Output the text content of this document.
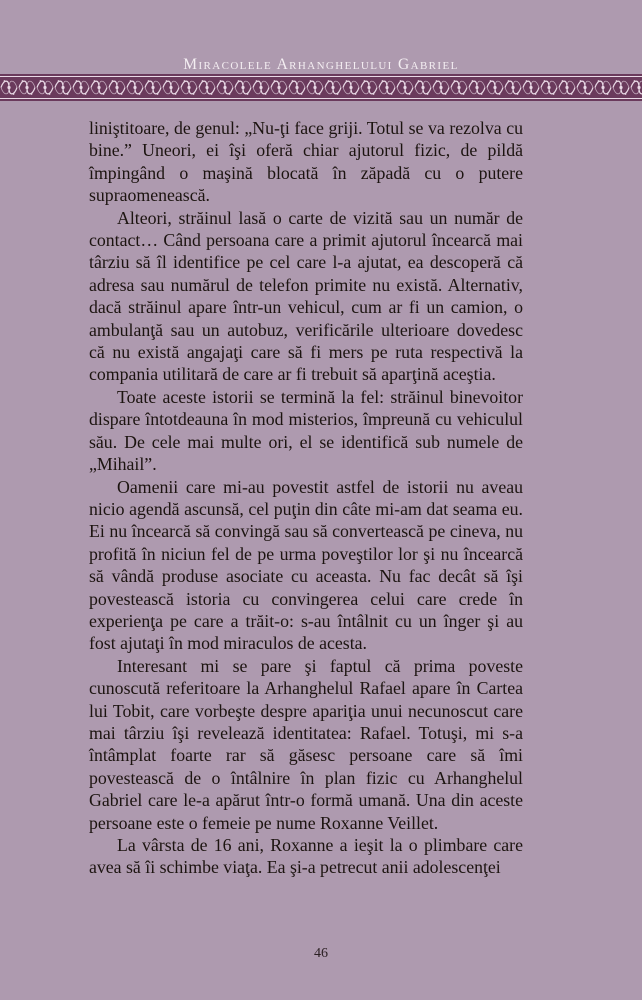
Miracolele Arhanghelului Gabriel

liniştitoare, de genul: „Nu-ţi face griji. Totul se va rezolva cu bine.” Uneori, ei îşi oferă chiar ajutorul fizic, de pildă împingând o maşină blocată în zăpadă cu o putere supraomenească.

Alteori, străinul lasă o carte de vizită sau un număr de contact… Când persoana care a primit ajutorul încearcă mai târziu să îl identifice pe cel care l-a ajutat, ea descoperă că adresa sau numărul de telefon primite nu există. Alternativ, dacă străinul apare într-un vehicul, cum ar fi un camion, o ambulanţă sau un autobuz, verificările ulterioare dovedesc că nu există angajaţi care să fi mers pe ruta respectivă la compania utilitară de care ar fi trebuit să aparţină aceştia.

Toate aceste istorii se termină la fel: străinul binevoitor dispare întotdeauna în mod misterios, împreună cu vehiculul său. De cele mai multe ori, el se identifică sub numele de „Mihail”.

Oamenii care mi-au povestit astfel de istorii nu aveau nicio agendă ascunsă, cel puţin din câte mi-am dat seama eu. Ei nu încearcă să convingă sau să convertească pe cineva, nu profită în niciun fel de pe urma poveştilor lor şi nu încearcă să vândă produse asociate cu aceasta. Nu fac decât să îşi povestească istoria cu convingerea celui care crede în experienţa pe care a trăit-o: s-au întâlnit cu un înger şi au fost ajutaţi în mod miraculos de acesta.

Interesant mi se pare şi faptul că prima poveste cunoscută referitoare la Arhanghelul Rafael apare în Cartea lui Tobit, care vorbeşte despre apariţia unui necunoscut care mai târziu îşi revelează identitatea: Rafael. Totuşi, mi s-a întâmplat foarte rar să găsesc persoane care să îmi povestească de o întâlnire în plan fizic cu Arhanghelul Gabriel care le-a apărut într-o formă umană. Una din aceste persoane este o femeie pe nume Roxanne Veillet.

La vârsta de 16 ani, Roxanne a ieşit la o plimbare care avea să îi schimbe viaţa. Ea şi-a petrecut anii adolescenţei

46
